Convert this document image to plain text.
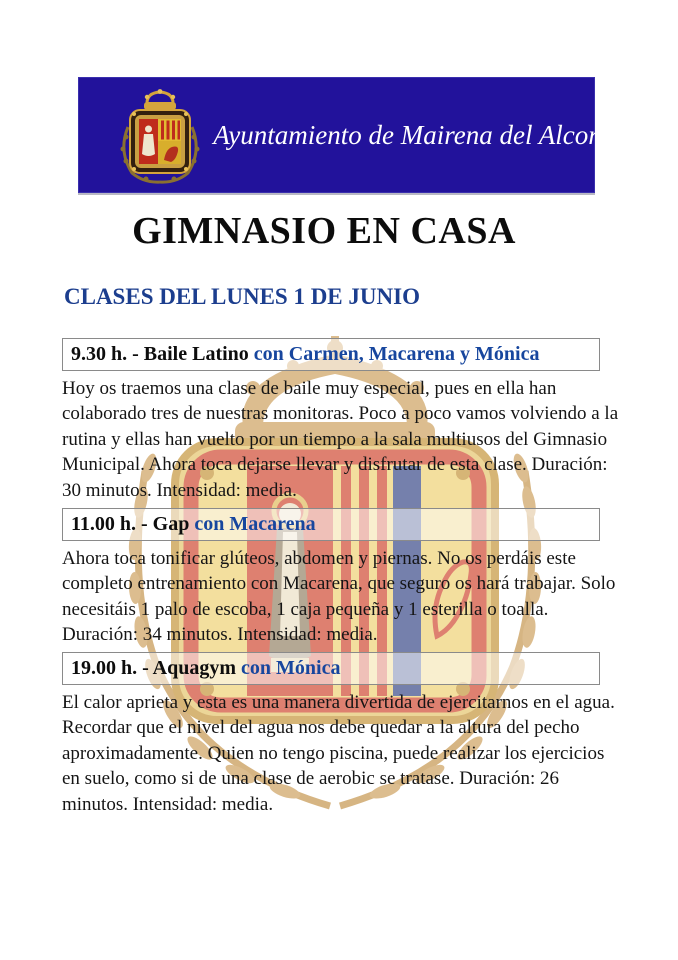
Ayuntamiento de Mairena del Alcor
GIMNASIO EN CASA
CLASES DEL LUNES 1 DE JUNIO
9.30 h. - Baile Latino con Carmen, Macarena y Mónica

Hoy os traemos una clase de baile muy especial, pues en ella han colaborado tres de nuestras monitoras. Poco a poco vamos volviendo a la rutina y ellas han vuelto por un tiempo a la sala multiusos del Gimnasio Municipal. Ahora toca dejarse llevar y disfrutar de esta clase. Duración: 30 minutos. Intensidad: media.

11.00 h. - Gap con Macarena

Ahora toca tonificar glúteos, abdomen y piernas. No os perdáis este completo entrenamiento con Macarena, que seguro os hará trabajar. Solo necesitáis 1 palo de escoba, 1 caja pequeña y 1 esterilla o toalla. Duración: 34 minutos. Intensidad: media.

19.00 h. - Aquagym con Mónica

El calor aprieta y esta es una manera divertida de ejercitarnos en el agua. Recordar que el nivel del agua nos debe quedar a la altura del pecho aproximadamente. Quien no tengo piscina, puede realizar los ejercicios en suelo, como si de una clase de aerobic se tratase. Duración: 26 minutos. Intensidad: media.
